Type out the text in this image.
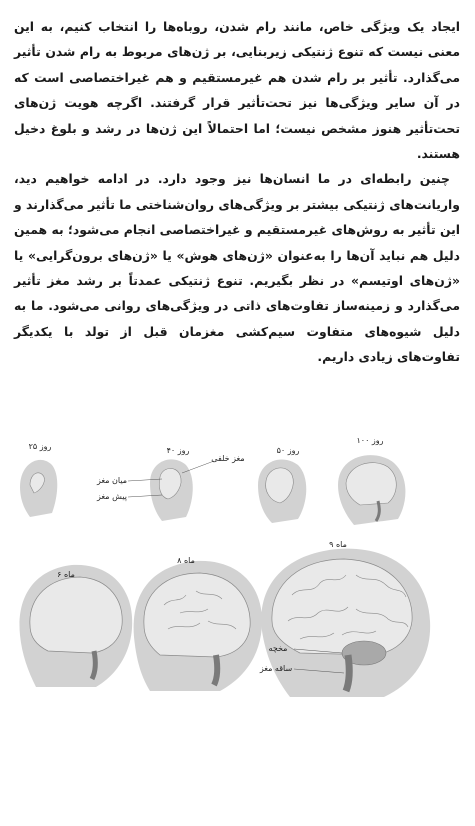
ایجاد یک ویژگی خاص، مانند رام شدن، روباه‌ها را انتخاب کنیم، به این معنی نیست که تنوع ژنتیکی زیربنایی، بر ژن‌های مربوط به رام شدن تأثیر می‌گذارد. تأثیر بر رام شدن هم غیرمستقیم و هم غیراختصاصی است که در آن سایر ویژگی‌ها نیز تحت‌تأثیر قرار گرفتند. اگرچه هویت ژن‌های تحت‌تأثیر هنوز مشخص نیست؛ اما احتمالاً این ژن‌ها در رشد و بلوغ دخیل هستند.

چنین رابطه‌ای در ما انسان‌ها نیز وجود دارد. در ادامه خواهیم دید، واریانت‌های ژنتیکی بیشتر بر ویژگی‌های روان‌شناختی ما تأثیر می‌گذارند و این تأثیر به روش‌های غیرمستقیم و غیراختصاصی انجام می‌شود؛ به همین دلیل هم نباید آن‌ها را به‌عنوان «ژن‌های هوش» یا «ژن‌های برون‌گرایی» یا «ژن‌های اوتیسم» در نظر بگیریم. تنوع ژنتیکی عمدتاً بر رشد مغز تأثیر می‌گذارد و زمینه‌ساز تفاوت‌های ذاتی در ویژگی‌های روانی می‌شود. ما به دلیل شیوه‌های متفاوت سیم‌کشی مغزمان قبل از تولد با یکدیگر تفاوت‌های زیادی داریم.

۲۵ روز	۴۰ روز
مغز خلفی
میان مغز
پیش مغز
۵۰ روز
۱۰۰ روز
۶ ماه
۸ ماه
۹ ماه
مخچه
ساقه مغز
